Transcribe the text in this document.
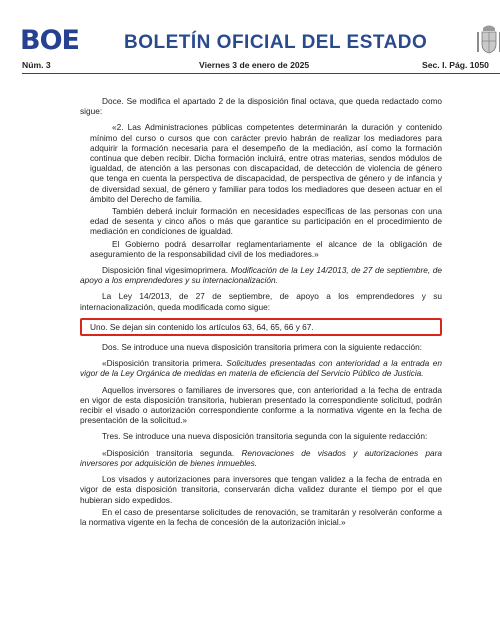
BOE BOLETÍN OFICIAL DEL ESTADO
Núm. 3	Viernes 3 de enero de 2025	Sec. I. Pág. 1050

Doce. Se modifica el apartado 2 de la disposición final octava, que queda redactado como sigue:

«2. Las Administraciones públicas competentes determinarán la duración y contenido mínimo del curso o cursos que con carácter previo habrán de realizar los mediadores para adquirir la formación necesaria para el desempeño de la mediación, así como la formación continua que deben recibir. Dicha formación incluirá, entre otras materias, sendos módulos de igualdad, de atención a las personas con discapacidad, de detección de violencia de género que tenga en cuenta la perspectiva de discapacidad, de perspectiva de género y de infancia y de diversidad sexual, de género y familiar para todos los mediadores que deseen actuar en el ámbito del Derecho de familia.

También deberá incluir formación en necesidades específicas de las personas con una edad de sesenta y cinco años o más que garantice su participación en el procedimiento de mediación en condiciones de igualdad.

El Gobierno podrá desarrollar reglamentariamente el alcance de la obligación de aseguramiento de la responsabilidad civil de los mediadores.»

Disposición final vigesimoprimera. Modificación de la Ley 14/2013, de 27 de septiembre, de apoyo a los emprendedores y su internacionalización.

La Ley 14/2013, de 27 de septiembre, de apoyo a los emprendedores y su internacionalización, queda modificada como sigue:

Uno. Se dejan sin contenido los artículos 63, 64, 65, 66 y 67.

Dos. Se introduce una nueva disposición transitoria primera con la siguiente redacción:

«Disposición transitoria primera. Solicitudes presentadas con anterioridad a la entrada en vigor de la Ley Orgánica de medidas en materia de eficiencia del Servicio Público de Justicia.

Aquellos inversores o familiares de inversores que, con anterioridad a la fecha de entrada en vigor de esta disposición transitoria, hubieran presentado la correspondiente solicitud, podrán recibir el visado o autorización correspondiente conforme a la normativa vigente en la fecha de presentación de la solicitud.»

Tres. Se introduce una nueva disposición transitoria segunda con la siguiente redacción:

«Disposición transitoria segunda. Renovaciones de visados y autorizaciones para inversores por adquisición de bienes inmuebles.

Los visados y autorizaciones para inversores que tengan validez a la fecha de entrada en vigor de esta disposición transitoria, conservarán dicha validez durante el tiempo por el que hubieran sido expedidos.

En el caso de presentarse solicitudes de renovación, se tramitarán y resolverán conforme a la normativa vigente en la fecha de concesión de la autorización inicial.»
